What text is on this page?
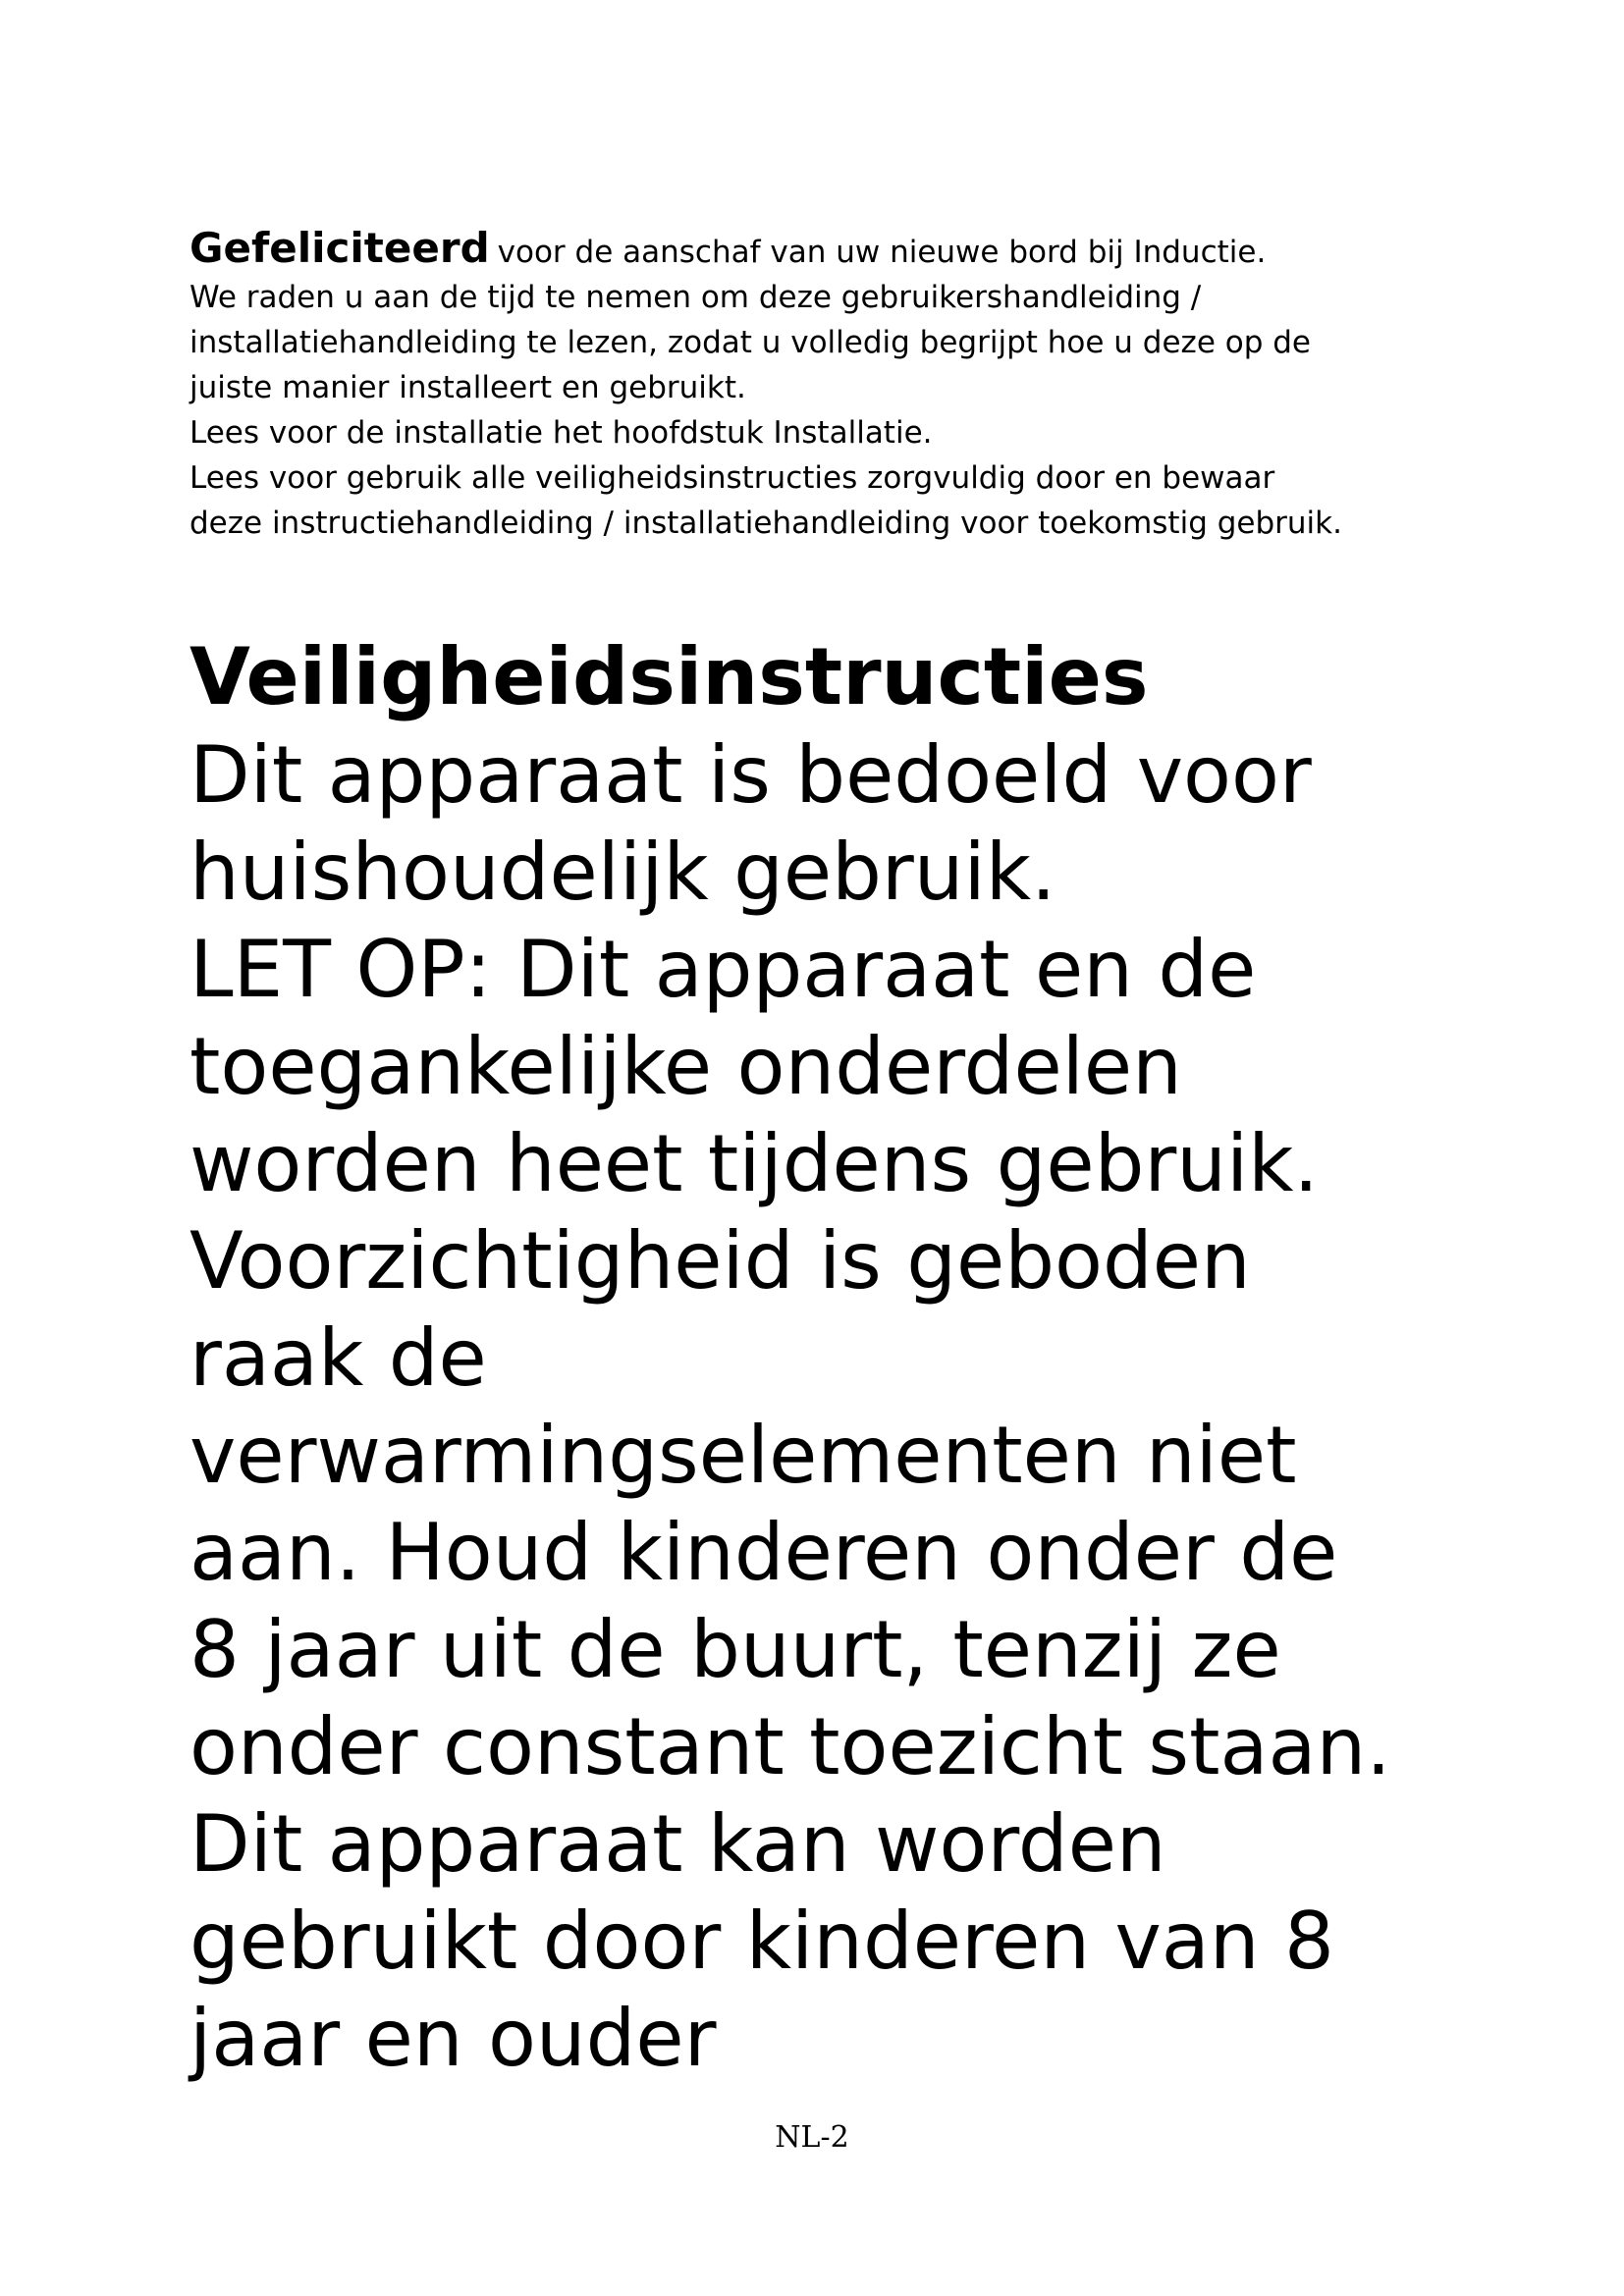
Gefeliciteerd voor de aanschaf van uw nieuwe bord bij Inductie.

We raden u aan de tijd te nemen om deze gebruikershandleiding /

installatiehandleiding te lezen, zodat u volledig begrijpt hoe u deze op de

juiste manier installeert en gebruikt.

Lees voor de installatie het hoofdstuk Installatie.

Lees voor gebruik alle veiligheidsinstructies zorgvuldig door en bewaar

deze instructiehandleiding / installatiehandleiding voor toekomstig gebruik.

Veiligheidsinstructies

Dit apparaat is bedoeld voor

huishoudelijk gebruik.

LET OP: Dit apparaat en de

toegankelijke onderdelen

worden heet tijdens gebruik.

Voorzichtigheid is geboden

raak de

verwarmingselementen niet

aan. Houd kinderen onder de

8 jaar uit de buurt, tenzij ze

onder constant toezicht staan.

Dit apparaat kan worden

gebruikt door kinderen van 8

jaar en ouder

NL-2
